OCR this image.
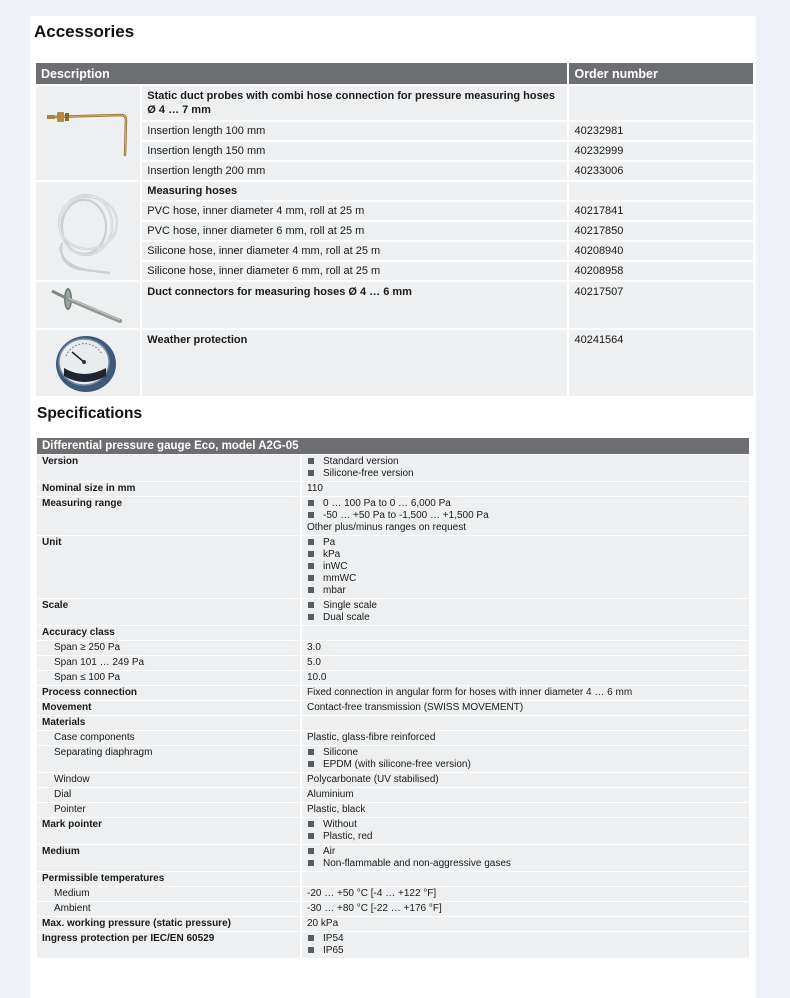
Accessories
Description		Order number

	Static duct probes with combi hose connection for pressure measuring hoses Ø 4 … 7 mm	
	Insertion length 100 mm	40232981
	Insertion length 150 mm	40232999
	Insertion length 200 mm	40233006

	Measuring hoses	
	PVC hose, inner diameter 4 mm, roll at 25 m	40217841
	PVC hose, inner diameter 6 mm, roll at 25 m	40217850
	Silicone hose, inner diameter 4 mm, roll at 25 m	40208940
	Silicone hose, inner diameter 6 mm, roll at 25 m	40208958

	Duct connectors for measuring hoses Ø 4 … 6 mm	40217507

	Weather protection	40241564
Specifications
Differential pressure gauge Eco, model A2G-05	
Version	Standard version
Silicone-free version

Nominal size in mm	110

Measuring range	0 … 100 Pa to 0 … 6,000 Pa
-50 … +50 Pa to -1,500 … +1,500 Pa
Other plus/minus ranges on request

Unit	Pa
kPa
inWC
mmWC
mbar

Scale	Single scale
Dual scale

Accuracy class	
Span ≥ 250 Pa	3.0

Span 101 … 249 Pa	5.0

Span ≤ 100 Pa	10.0

Process connection	Fixed connection in angular form for hoses with inner diameter 4 … 6 mm

Movement	Contact-free transmission (SWISS MOVEMENT)

Materials	
Case components	Plastic, glass-fibre reinforced

Separating diaphragm	Silicone
EPDM (with silicone-free version)

Window	Polycarbonate (UV stabilised)

Dial	Aluminium

Pointer	Plastic, black

Mark pointer	Without
Plastic, red

Medium	Air
Non-flammable and non-aggressive gases

Permissible temperatures	
Medium	-20 … +50 °C [-4 … +122 °F]

Ambient	-30 … +80 °C [-22 … +176 °F]

Max. working pressure (static pressure)	20 kPa

Ingress protection per IEC/EN 60529	IP54
IP65
